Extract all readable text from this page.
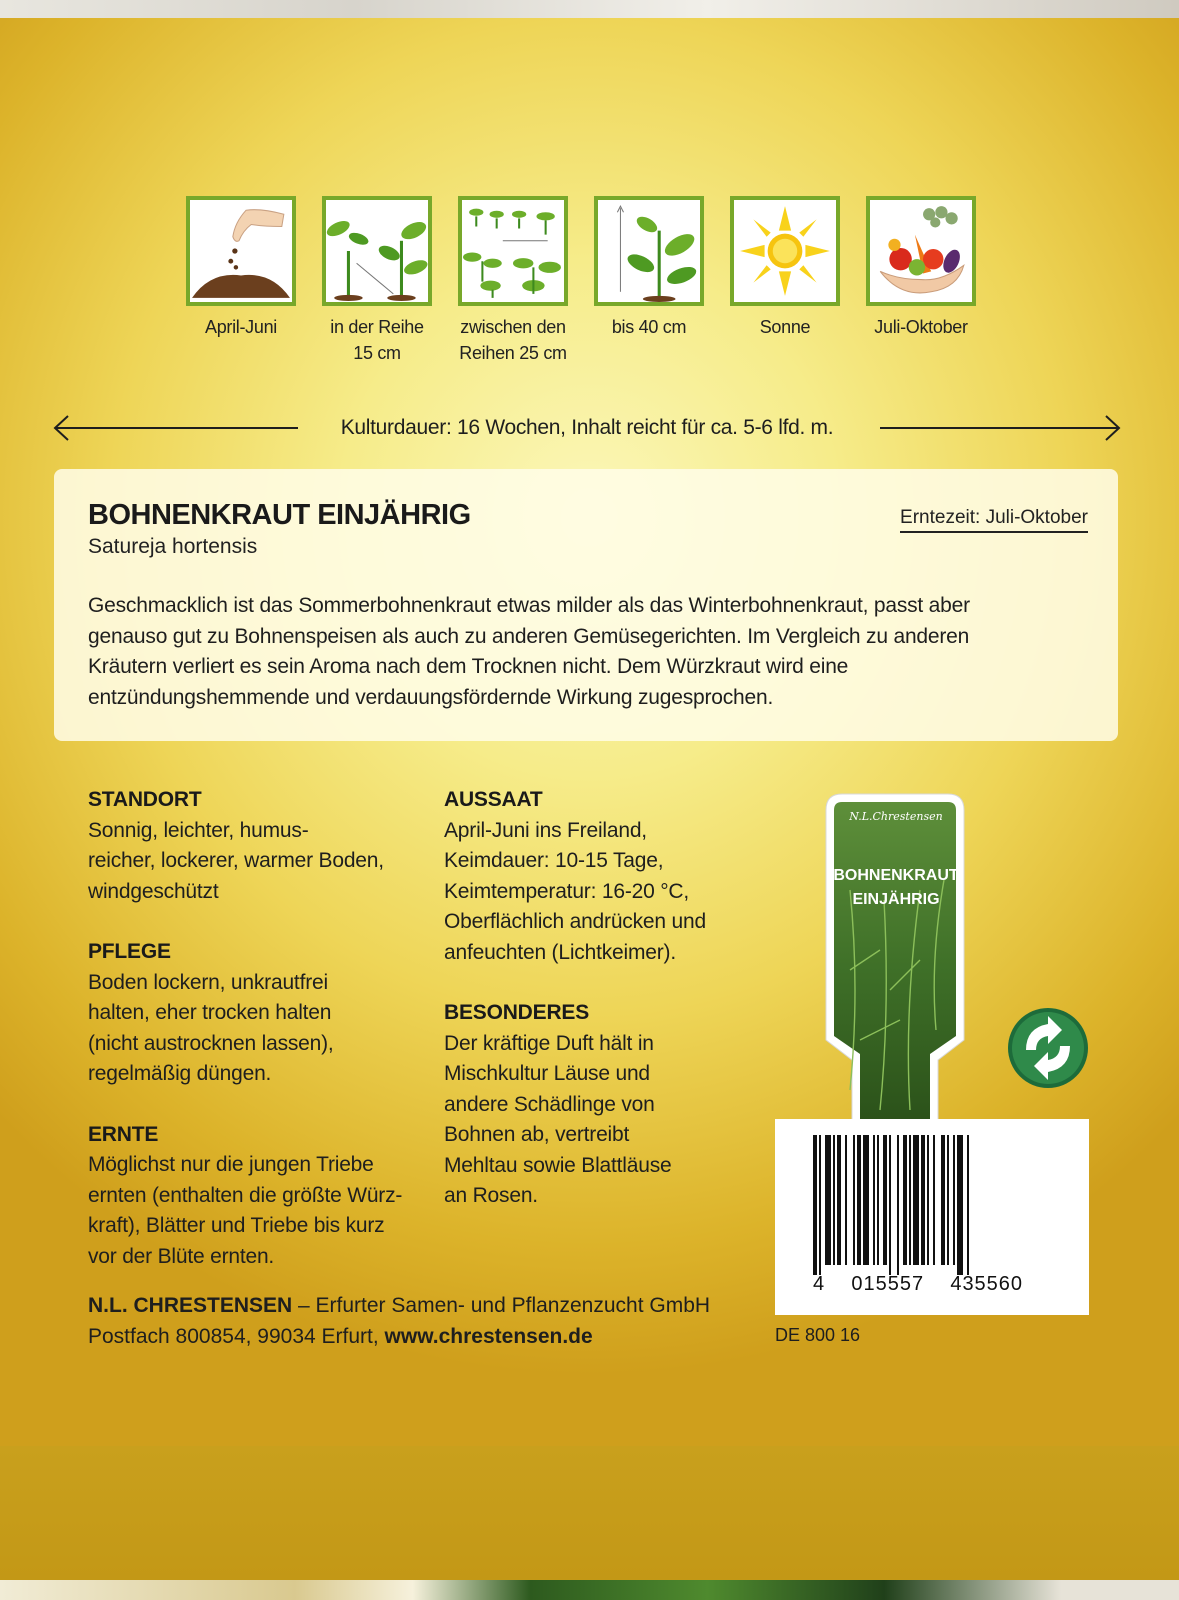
April-Juni	in der Reihe
15 cm
zwischen den
Reihen 25 cm
bis 40 cm	Sonne	Juli-Oktober
Kulturdauer: 16 Wochen, Inhalt reicht für ca. 5-6 lfd. m.
BOHNENKRAUT EINJÄHRIG
Satureja hortensis
Erntezeit: Juli-Oktober
Geschmacklich ist das Sommerbohnenkraut etwas milder als das Winterbohnenkraut, passt aber genauso gut zu Bohnenspeisen als auch zu anderen Gemüsegerichten. Im Vergleich zu anderen Kräutern verliert es sein Aroma nach dem Trocknen nicht. Dem Würzkraut wird eine entzündungshemmende und verdauungsfördernde Wirkung zugesprochen.
STANDORT

Sonnig, leichter, humus-
reicher, lockerer, warmer Boden,
windgeschützt

PFLEGE

Boden lockern, unkrautfrei
halten, eher trocken halten
(nicht austrocknen lassen),
regelmäßig düngen.

ERNTE

Möglichst nur die jungen Triebe
ernten (enthalten die größte Würz-
kraft), Blätter und Triebe bis kurz
vor der Blüte ernten.

AUSSAAT

April-Juni ins Freiland,
Keimdauer: 10-15 Tage,
Keimtemperatur: 16-20 °C,
Oberflächlich andrücken und
anfeuchten (Lichtkeimer).

BESONDERES

Der kräftige Duft hält in
Mischkultur Läuse und
andere Schädlinge von
Bohnen ab, vertreibt
Mehltau sowie Blattläuse
an Rosen.

N.L.Chrestensen
BOHNENKRAUT
EINJÄHRIG
4    015557    435560
DE 800 16
N.L. CHRESTENSEN – Erfurter Samen- und Pflanzenzucht GmbH
Postfach 800854, 99034 Erfurt, www.chrestensen.de
